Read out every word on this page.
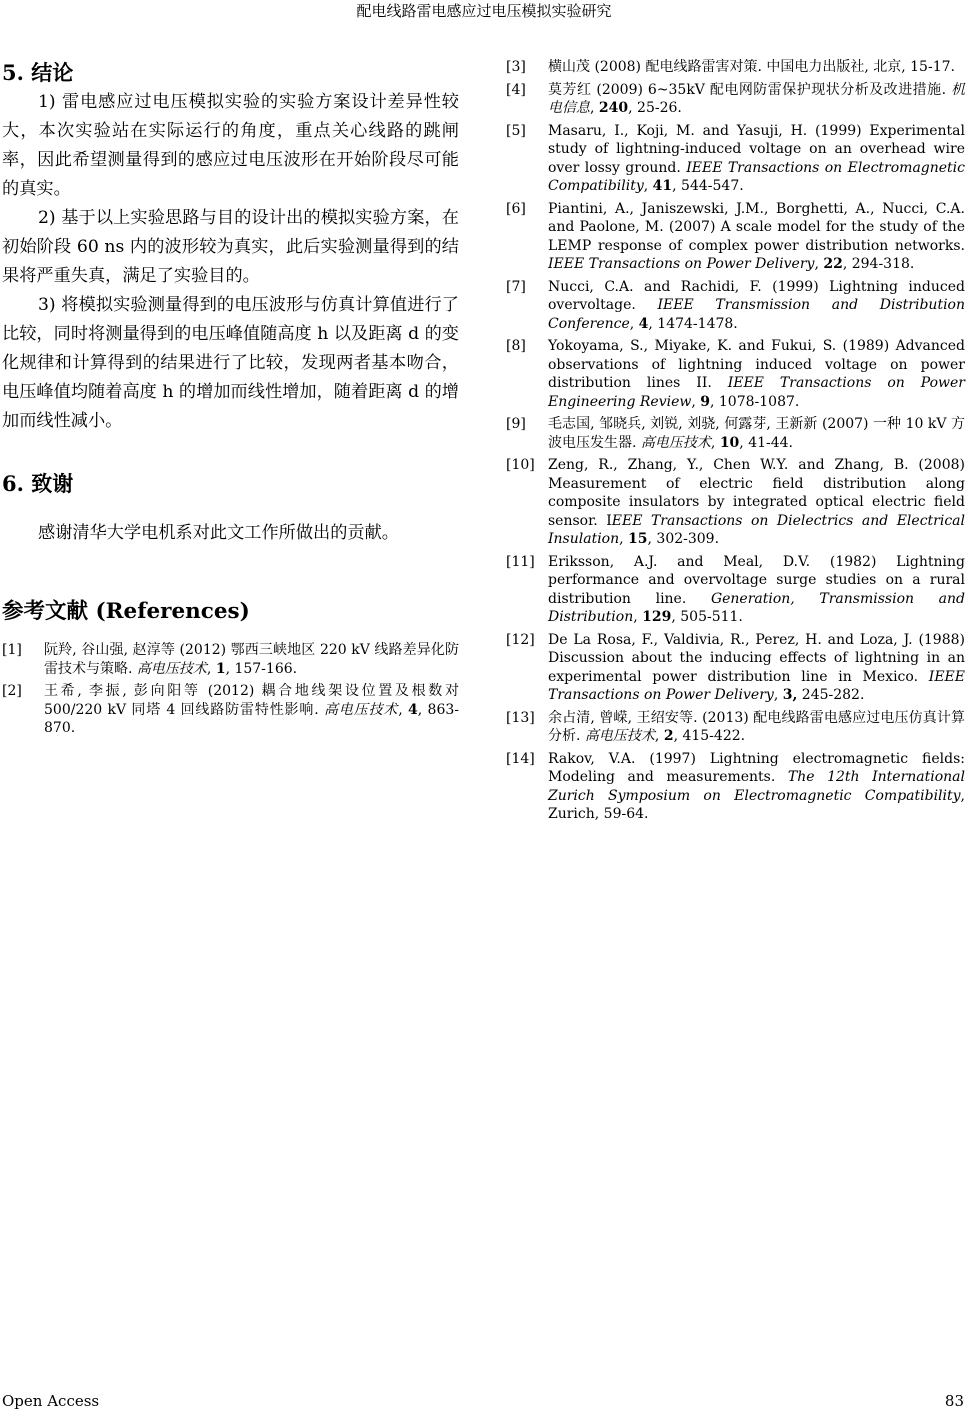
配电线路雷电感应过电压模拟实验研究
5. 结论

1) 雷电感应过电压模拟实验的实验方案设计差异性较大，本次实验站在实际运行的角度，重点关心线路的跳闸率，因此希望测量得到的感应过电压波形在开始阶段尽可能的真实。

2) 基于以上实验思路与目的设计出的模拟实验方案，在初始阶段 60 ns 内的波形较为真实，此后实验测量得到的结果将严重失真，满足了实验目的。

3) 将模拟实验测量得到的电压波形与仿真计算值进行了比较，同时将测量得到的电压峰值随高度 h 以及距离 d 的变化规律和计算得到的结果进行了比较，发现两者基本吻合，电压峰值均随着高度 h 的增加而线性增加，随着距离 d 的增加而线性减小。

6. 致谢

感谢清华大学电机系对此文工作所做出的贡献。

参考文献 (References)
[1]	阮羚, 谷山强, 赵淳等 (2012) 鄂西三峡地区 220 kV 线路差异化防雷技术与策略. 高电压技术, 1, 157-166.
[2]	王希, 李振, 彭向阳等 (2012) 耦合地线架设位置及根数对 500/220 kV 同塔 4 回线路防雷特性影响. 高电压技术, 4, 863-870.
[3]	横山茂 (2008) 配电线路雷害对策. 中国电力出版社, 北京, 15-17.
[4]	莫芳红 (2009) 6~35kV 配电网防雷保护现状分析及改进措施. 机电信息, 240, 25-26.
[5]	Masaru, I., Koji, M. and Yasuji, H. (1999) Experimental study of lightning-induced voltage on an overhead wire over lossy ground. IEEE Transactions on Electromagnetic Compatibility, 41, 544-547.
[6]	Piantini, A., Janiszewski, J.M., Borghetti, A., Nucci, C.A. and Paolone, M. (2007) A scale model for the study of the LEMP response of complex power distribution networks. IEEE Transactions on Power Delivery, 22, 294-318.
[7]	Nucci, C.A. and Rachidi, F. (1999) Lightning induced overvoltage. IEEE Transmission and Distribution Conference, 4, 1474-1478.
[8]	Yokoyama, S., Miyake, K. and Fukui, S. (1989) Advanced observations of lightning induced voltage on power distribution lines II. IEEE Transactions on Power Engineering Review, 9, 1078-1087.
[9]	毛志国, 邹晓兵, 刘锐, 刘骁, 何露芽, 王新新 (2007) 一种 10 kV 方波电压发生器. 高电压技术, 10, 41-44.
[10] Zeng, R., Zhang, Y., Chen W.Y. and Zhang, B. (2008) Measurement of electric field distribution along composite insulators by integrated optical electric field sensor. IEEE Transactions on Dielectrics and Electrical Insulation, 15, 302-309.
[11] Eriksson, A.J. and Meal, D.V. (1982) Lightning performance and overvoltage surge studies on a rural distribution line. Generation, Transmission and Distribution, 129, 505-511.
[12] De La Rosa, F., Valdivia, R., Perez, H. and Loza, J. (1988) Discussion about the inducing effects of lightning in an experimental power distribution line in Mexico. IEEE Transactions on Power Delivery, 3, 245-282.
[13] 余占清, 曾嵘, 王绍安等. (2013) 配电线路雷电感应过电压仿真计算分析. 高电压技术, 2, 415-422.
[14] Rakov, V.A. (1997) Lightning electromagnetic fields: Modeling and measurements. The 12th International Zurich Symposium on Electromagnetic Compatibility, Zurich, 59-64.
Open Access	83
